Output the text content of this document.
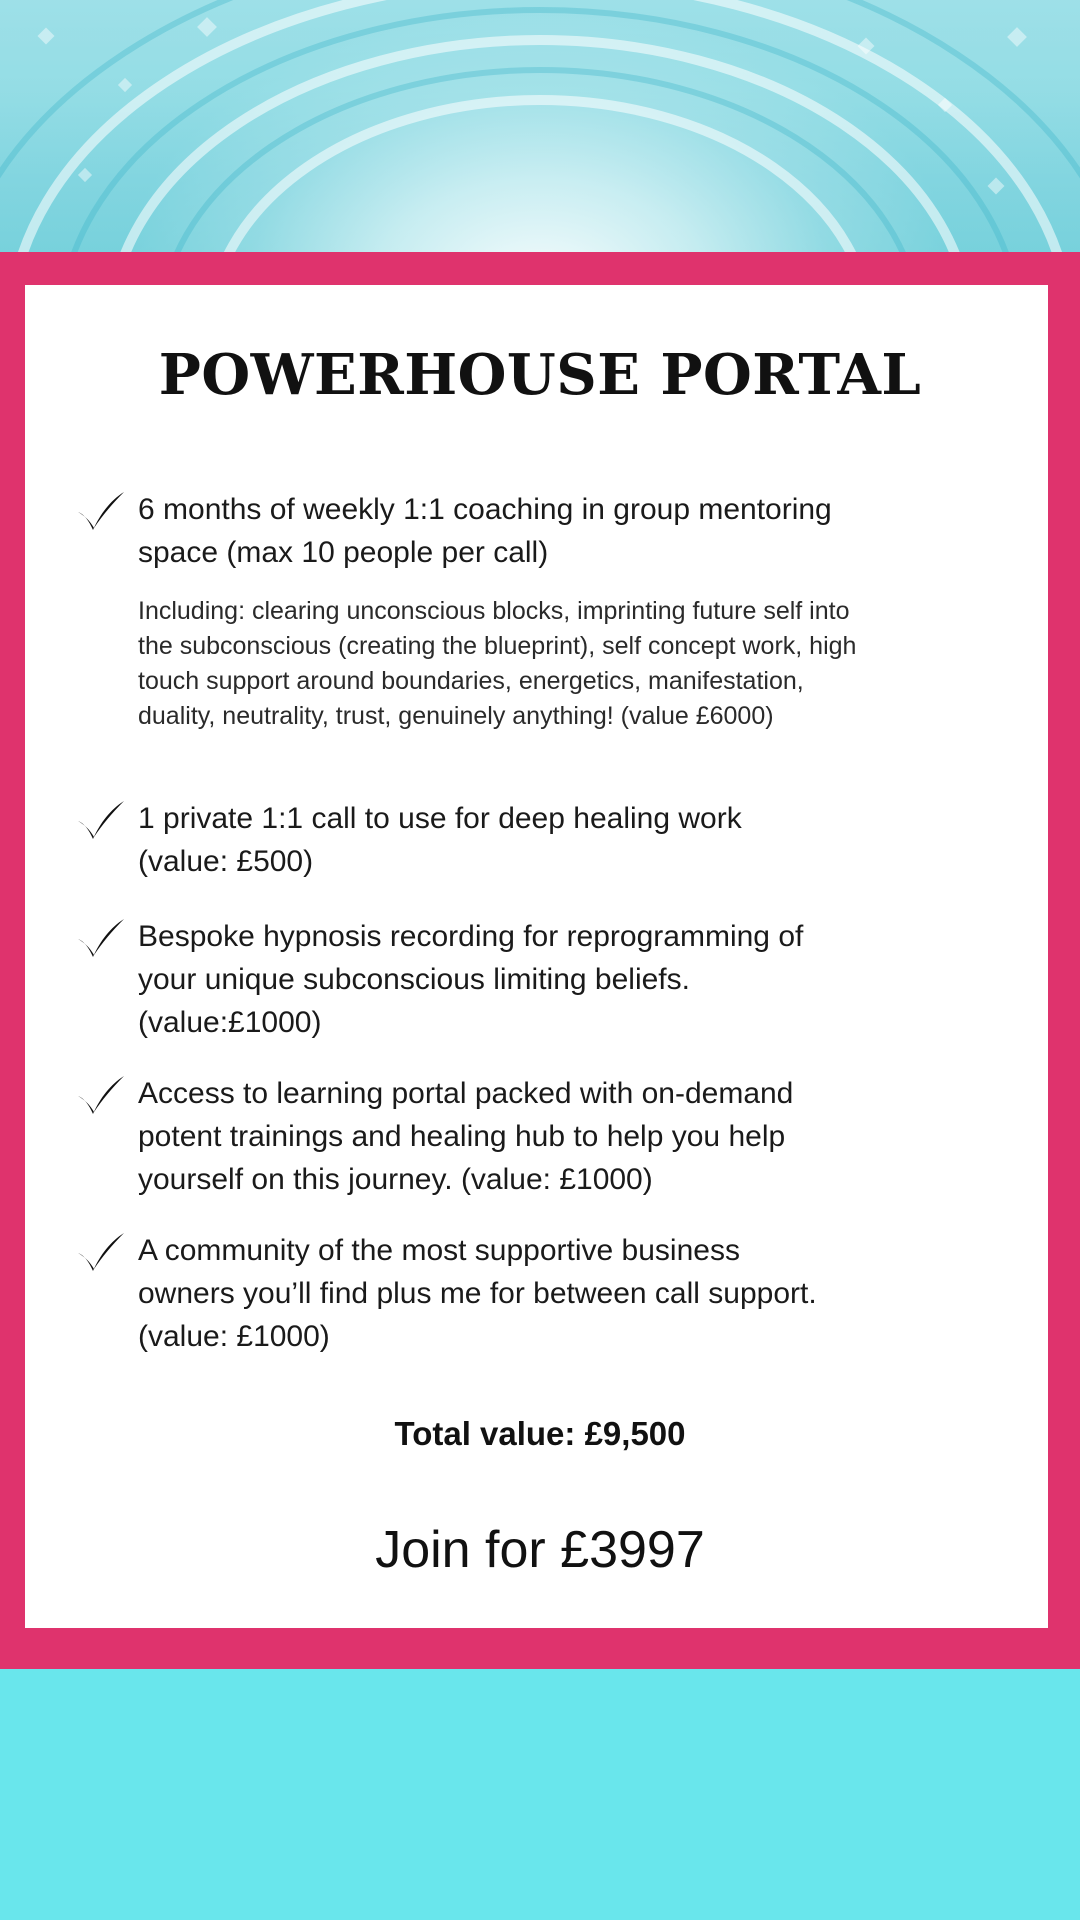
POWERHOUSE PORTAL
6 months of weekly 1:1 coaching in group mentoring
space (max 10 people per call)
Including: clearing unconscious blocks, imprinting future self into
the subconscious (creating the blueprint), self concept work, high
touch support around boundaries, energetics, manifestation,
duality, neutrality, trust, genuinely anything! (value £6000)
1 private 1:1 call to use for deep healing work
(value: £500)
Bespoke hypnosis recording for reprogramming of
your unique subconscious limiting beliefs.
(value:£1000)
Access to learning portal packed with on-demand
potent trainings and healing hub to help you help
yourself on this journey. (value: £1000)
A community of the most supportive business
owners you’ll find plus me for between call support.
(value: £1000)
Total value: £9,500
Join for £3997
